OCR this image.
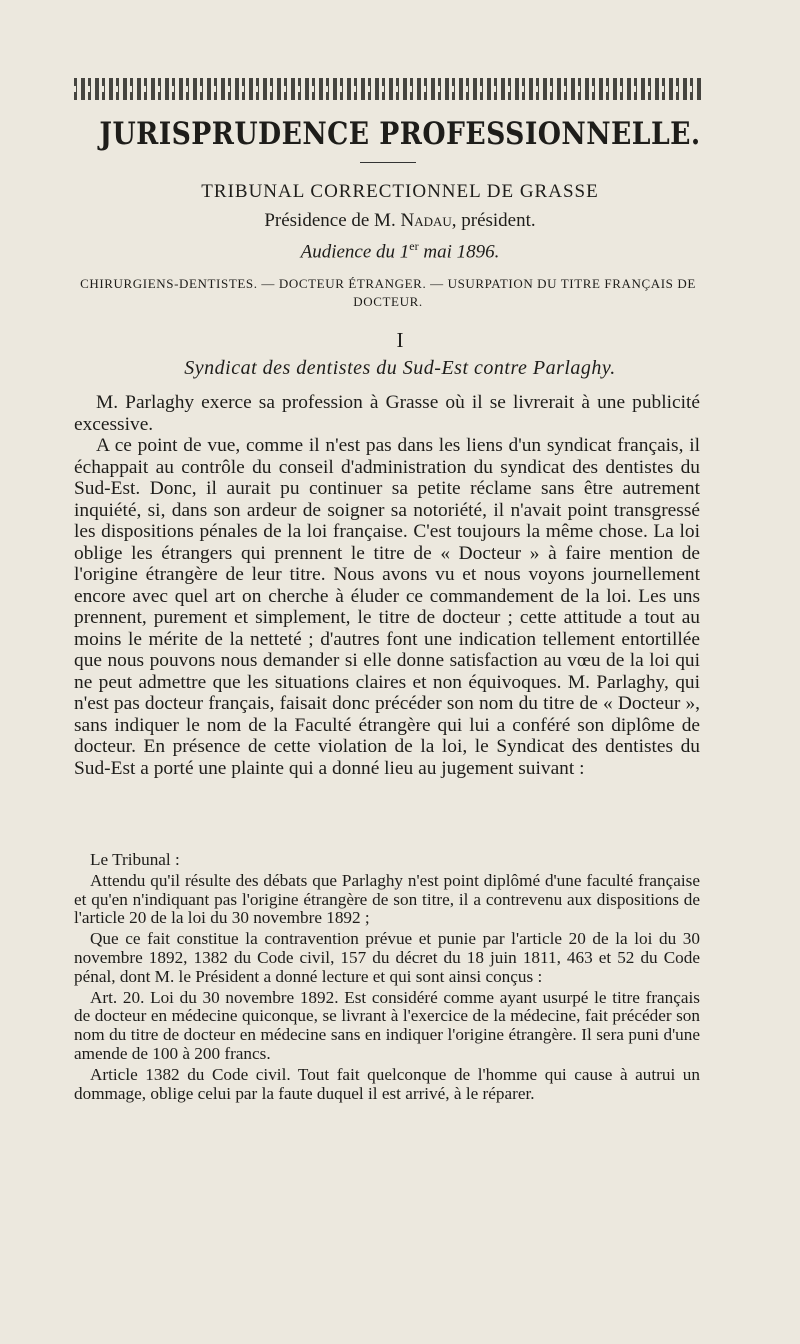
JURISPRUDENCE PROFESSIONNELLE.
TRIBUNAL CORRECTIONNEL DE GRASSE
Présidence de M. Nadau, président.
Audience du 1er mai 1896.
CHIRURGIENS-DENTISTES. — DOCTEUR ÉTRANGER. — USURPATION DU TITRE FRANÇAIS DE DOCTEUR.
I
Syndicat des dentistes du Sud-Est contre Parlaghy.

M. Parlaghy exerce sa profession à Grasse où il se livrerait à une publicité excessive.

A ce point de vue, comme il n'est pas dans les liens d'un syndicat français, il échappait au contrôle du conseil d'administration du syndicat des dentistes du Sud-Est. Donc, il aurait pu continuer sa petite réclame sans être autrement inquiété, si, dans son ardeur de soigner sa notoriété, il n'avait point transgressé les dispositions pénales de la loi française. C'est toujours la même chose. La loi oblige les étrangers qui prennent le titre de « Docteur » à faire mention de l'origine étrangère de leur titre. Nous avons vu et nous voyons journellement encore avec quel art on cherche à éluder ce commandement de la loi. Les uns prennent, purement et simplement, le titre de docteur ; cette attitude a tout au moins le mérite de la netteté ; d'autres font une indication tellement entortillée que nous pouvons nous demander si elle donne satisfaction au vœu de la loi qui ne peut admettre que les situations claires et non équivoques. M. Parlaghy, qui n'est pas docteur français, faisait donc précéder son nom du titre de « Docteur », sans indiquer le nom de la Faculté étrangère qui lui a conféré son diplôme de docteur. En présence de cette violation de la loi, le Syndicat des dentistes du Sud-Est a porté une plainte qui a donné lieu au jugement suivant :

Le Tribunal :

Attendu qu'il résulte des débats que Parlaghy n'est point diplômé d'une faculté française et qu'en n'indiquant pas l'origine étrangère de son titre, il a contrevenu aux dispositions de l'article 20 de la loi du 30 novembre 1892 ;

Que ce fait constitue la contravention prévue et punie par l'article 20 de la loi du 30 novembre 1892, 1382 du Code civil, 157 du décret du 18 juin 1811, 463 et 52 du Code pénal, dont M. le Président a donné lecture et qui sont ainsi conçus :

Art. 20. Loi du 30 novembre 1892. Est considéré comme ayant usurpé le titre français de docteur en médecine quiconque, se livrant à l'exercice de la médecine, fait précéder son nom du titre de docteur en médecine sans en indiquer l'origine étrangère. Il sera puni d'une amende de 100 à 200 francs.

Article 1382 du Code civil. Tout fait quelconque de l'homme qui cause à autrui un dommage, oblige celui par la faute duquel il est arrivé, à le réparer.
